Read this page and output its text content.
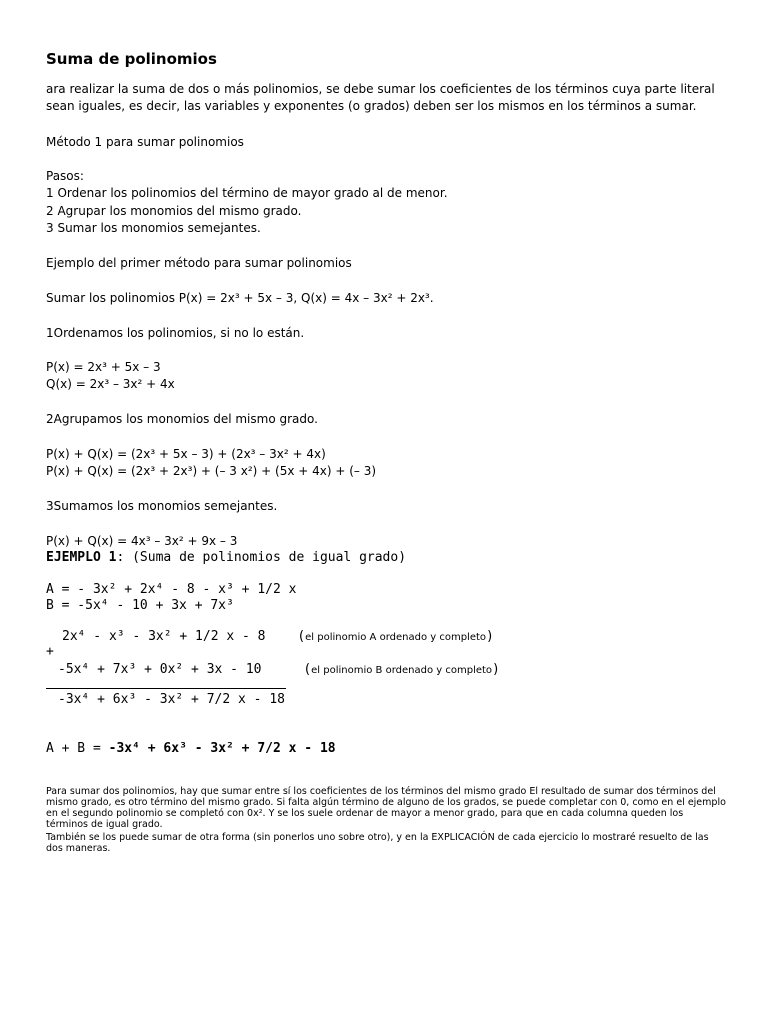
Suma de polinomios
ara realizar la suma de dos o más polinomios, se debe sumar los coeficientes de los términos cuya parte literal sean iguales, es decir, las variables y exponentes (o grados) deben ser los mismos en los términos a sumar.
Método 1 para sumar polinomios
Pasos:
1 Ordenar los polinomios del término de mayor grado al de menor.
2 Agrupar los monomios del mismo grado.
3 Sumar los monomios semejantes.
Ejemplo del primer método para sumar polinomios
Sumar los polinomios P(x) = 2x³ + 5x – 3, Q(x) = 4x – 3x² + 2x³.
1Ordenamos los polinomios, si no lo están.
P(x) = 2x³ + 5x – 3
Q(x) = 2x³ – 3x² + 4x
2Agrupamos los monomios del mismo grado.
P(x) + Q(x) = (2x³ + 5x – 3) + (2x³ – 3x² + 4x)
P(x) + Q(x) = (2x³ + 2x³) + (– 3 x²) + (5x + 4x) + (– 3)
3Sumamos los monomios semejantes.
P(x) + Q(x) = 4x³ – 3x² + 9x – 3
EJEMPLO 1: (Suma de polinomios de igual grado)
A = - 3x² + 2x⁴ - 8 - x³ + 1/2 x
B = -5x⁴ - 10 + 3x + 7x³
2x⁴ - x³ - 3x² + 1/2 x - 8 (el polinomio A ordenado y completo)
+
-5x⁴ + 7x³ + 0x² + 3x - 10	(el polinomio B ordenado y completo)
-3x⁴ + 6x³ - 3x² + 7/2 x - 18
A + B = -3x⁴ + 6x³ - 3x² + 7/2 x - 18
Para sumar dos polinomios, hay que sumar entre sí los coeficientes de los términos del mismo grado El resultado de sumar dos términos del mismo grado, es otro término del mismo grado. Si falta algún término de alguno de los grados, se puede completar con 0, como en el ejemplo en el segundo polinomio se completó con 0x². Y se los suele ordenar de mayor a menor grado, para que en cada columna queden los términos de igual grado.
También se los puede sumar de otra forma (sin ponerlos uno sobre otro), y en la EXPLICACIÓN de cada ejercicio lo mostraré resuelto de las dos maneras.
